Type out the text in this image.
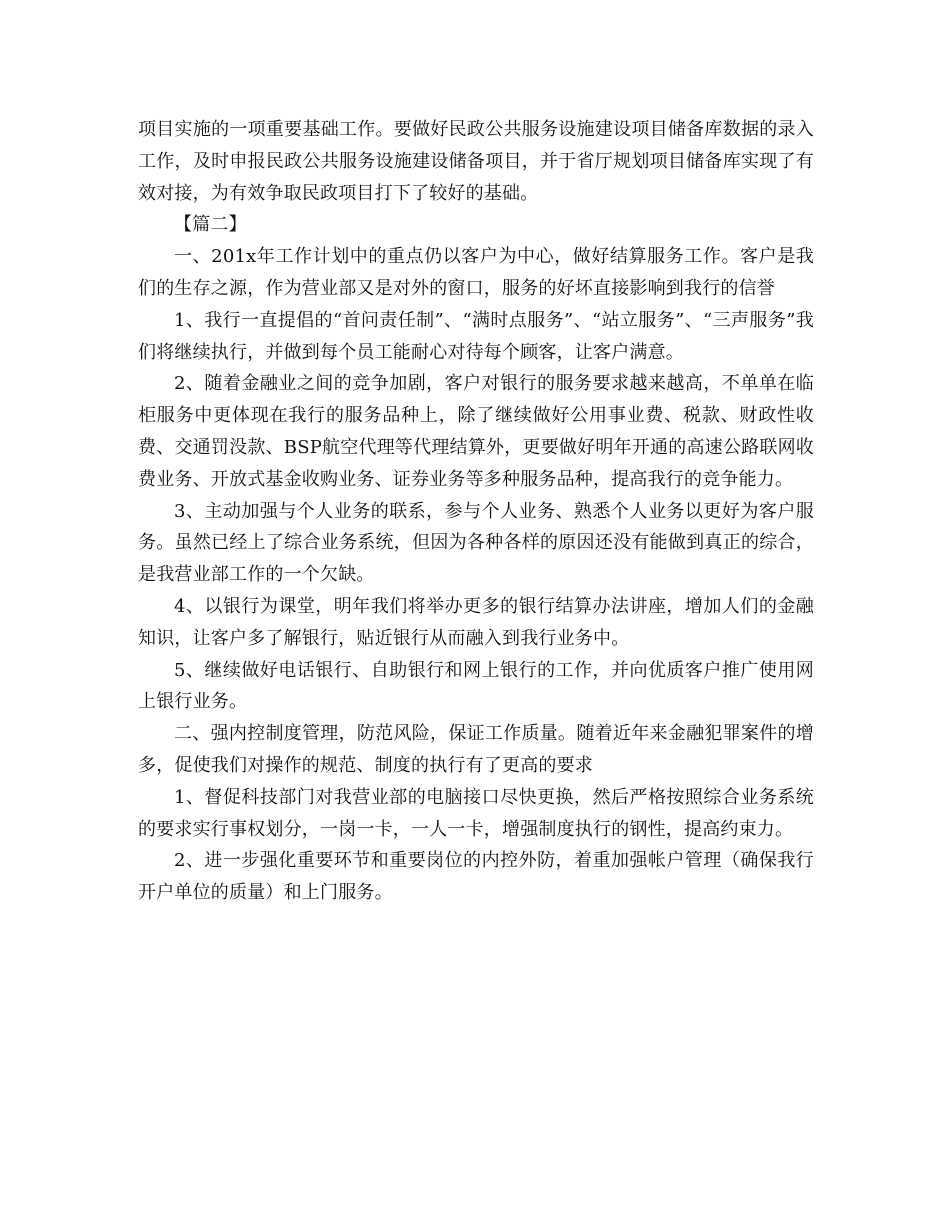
项目实施的一项重要基础工作。要做好民政公共服务设施建设项目储备库数据的录入工作，及时申报民政公共服务设施建设储备项目，并于省厅规划项目储备库实现了有效对接，为有效争取民政项目打下了较好的基础。

【篇二】

一、201x年工作计划中的重点仍以客户为中心，做好结算服务工作。客户是我们的生存之源，作为营业部又是对外的窗口，服务的好坏直接影响到我行的信誉

1、我行一直提倡的“首问责任制”、“满时点服务”、“站立服务”、“三声服务”我们将继续执行，并做到每个员工能耐心对待每个顾客，让客户满意。

2、随着金融业之间的竞争加剧，客户对银行的服务要求越来越高，不单单在临柜服务中更体现在我行的服务品种上，除了继续做好公用事业费、税款、财政性收费、交通罚没款、BSP航空代理等代理结算外，更要做好明年开通的高速公路联网收费业务、开放式基金收购业务、证券业务等多种服务品种，提高我行的竞争能力。

3、主动加强与个人业务的联系，参与个人业务、熟悉个人业务以更好为客户服务。虽然已经上了综合业务系统，但因为各种各样的原因还没有能做到真正的综合，是我营业部工作的一个欠缺。

4、以银行为课堂，明年我们将举办更多的银行结算办法讲座，增加人们的金融知识，让客户多了解银行，贴近银行从而融入到我行业务中。

5、继续做好电话银行、自助银行和网上银行的工作，并向优质客户推广使用网上银行业务。

二、强内控制度管理，防范风险，保证工作质量。随着近年来金融犯罪案件的增多，促使我们对操作的规范、制度的执行有了更高的要求

1、督促科技部门对我营业部的电脑接口尽快更换，然后严格按照综合业务系统的要求实行事权划分，一岗一卡，一人一卡，增强制度执行的钢性，提高约束力。

2、进一步强化重要环节和重要岗位的内控外防，着重加强帐户管理（确保我行开户单位的质量）和上门服务。
